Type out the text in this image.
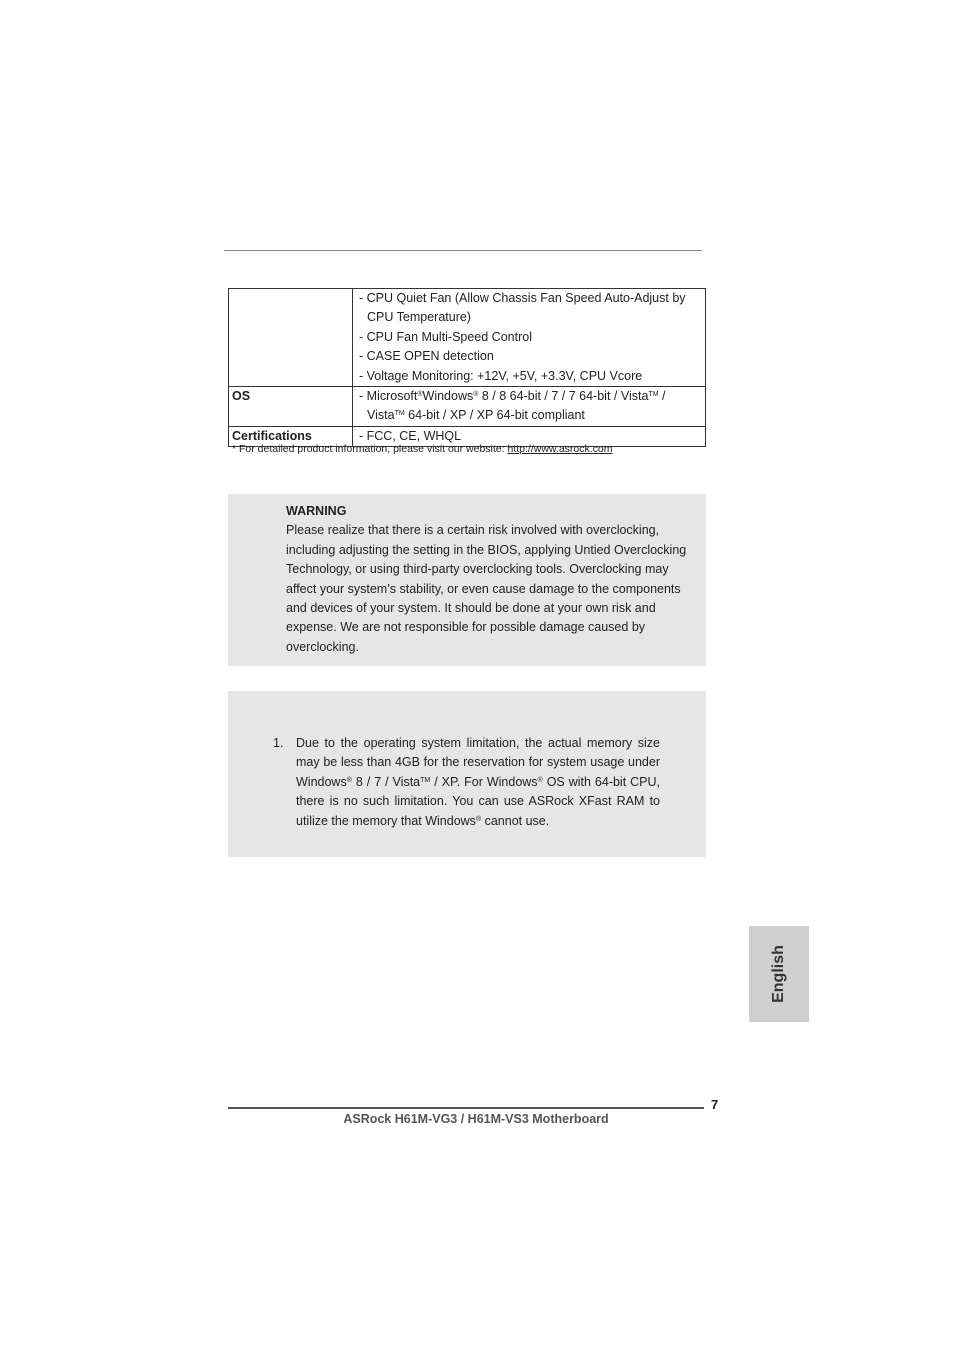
	- CPU Quiet Fan (Allow Chassis Fan Speed Auto-Adjust by
CPU Temperature)
- CPU Fan Multi-Speed Control
- CASE OPEN detection
- Voltage Monitoring: +12V, +5V, +3.3V, CPU Vcore

OS	- Microsoft®Windows® 8 / 8 64-bit / 7 / 7 64-bit / Vista™ /
Vista™ 64-bit / XP / XP 64-bit compliant

Certifications	- FCC, CE, WHQL
* For detailed product information, please visit our website: http://www.asrock.com
WARNING
Please realize that there is a certain risk involved with overclocking, including adjusting the setting in the BIOS, applying Untied Overclocking Technology, or using third-party overclocking tools. Overclocking may affect your system’s stability, or even cause damage to the components and devices of your system. It should be done at your own risk and expense. We are not responsible for possible damage caused by overclocking.
1. Due to the operating system limitation, the actual memory size may be less than 4GB for the reservation for system usage under Windows® 8 / 7 / Vista™ / XP. For Windows® OS with 64-bit CPU, there is no such limitation. You can use ASRock XFast RAM to utilize the memory that Windows® cannot use.
English
7
ASRock H61M-VG3 / H61M-VS3 Motherboard
